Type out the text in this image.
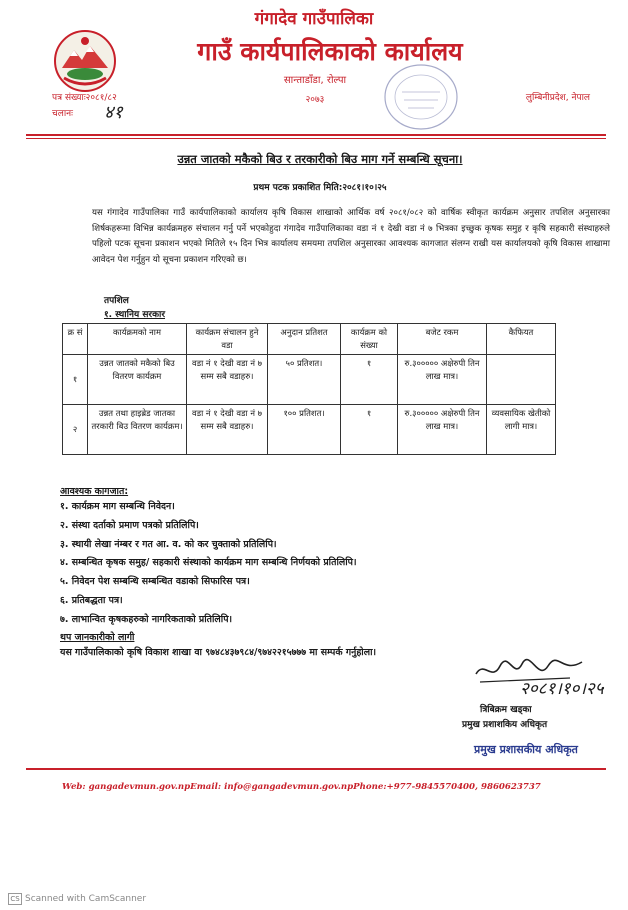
गंगादेव गाउँपालिका
गाउँ कार्यपालिकाको कार्यालय
सान्ताडाँडा, रोल्पा
२०७३	लुम्बिनीप्रदेश, नेपाल
पत्र संख्याः२०८१/८२
चलानः ४१
उन्नत जातको मकैको बिउ र तरकारीको बिउ माग गर्ने सम्बन्धि सूचना।
प्रथम पटक प्रकाशित मिति:२०८१।१०।२५
यस गंगादेव गाउँपालिका गाउँ कार्यपालिकाको कार्यालय कृषि विकास शाखाको आर्थिक वर्ष २०८१/०८२ को वार्षिक स्वीकृत कार्यक्रम अनुसार तपशिल अनुसारका शिर्षकहरूमा विभिन्न कार्यक्रमहरु संचालन गर्नु पर्ने भएकोहुदा गंगादेव गाउँपालिकाका वडा नं १ देखी वडा नं ७ भित्रका इच्छुक कृषक समुह र कृषि सहकारी संस्थाहरुले पहिलो पटक सूचना प्रकाशन भएको मितिले १५ दिन भित्र कार्यालय समयमा तपशिल अनुसारका आवश्यक कागजात संलग्न राखी यस कार्यालयको कृषि विकास शाखामा आवेदन पेश गर्नुहुन यो सूचना प्रकाशन गरिएको छ।
तपशिल
१. स्थानिय सरकार
क्र सं	कार्यक्रमको नाम	कार्यक्रम संचालन हुने वडा	अनुदान प्रतिशत	कार्यक्रम को संख्या	बजेट रकम	कैफियत
१	उन्नत जातको मकैको बिउ वितरण कार्यक्रम	वडा नं १ देखी वडा नं ७ सम्म सबै वडाहरु।	५० प्रतिशत।	१	रु.३००००० अक्षेरुपी तिन लाख मात्र।	
२	उन्नत तथा हाइब्रेड जातका तरकारी बिउ वितरण कार्यक्रम।	वडा नं १ देखी वडा नं ७ सम्म सबै वडाहरु।	१०० प्रतिशत।	१	रु.३००००० अक्षेरुपी तिन लाख मात्र।	व्यवसायिक खेतीको लागी मात्र।
आवश्यक कागजात:
१. कार्यक्रम माग सम्बन्धि निवेदन।
२. संस्था दर्ताको प्रमाण पत्रको प्रतिलिपि।
३. स्थायी लेखा नंम्बर र गत आ. व. को कर चुक्ताको प्रतिलिपि।
४. सम्बन्धित कृषक समुह/ सहकारी संस्थाको कार्यक्रम माग सम्बन्धि निर्णयको प्रतिलिपि।
५. निवेदन पेश सम्बन्धि सम्बन्धित वडाको सिफारिस पत्र।
६. प्रतिबद्धता पत्र।
७. लाभान्वित कृषकहरुको नागरिकताको प्रतिलिपि।
थप जानकारीको लागी
यस गाउँपालिकाको कृषि विकाश शाखा वा ९७४८४३७९८४/९७४२२१५७७७ मा सम्पर्क गर्नुहोला।
२०८१।१०।२५
त्रिबिक्रम खड्का
प्रमुख प्रशाशकिय अधिकृत
प्रमुख प्रशासकीय अधिकृत
Web: gangadevmun.gov.npEmail: info@gangadevmun.gov.npPhone:+977-9845570400, 9860623737
CS Scanned with CamScanner
